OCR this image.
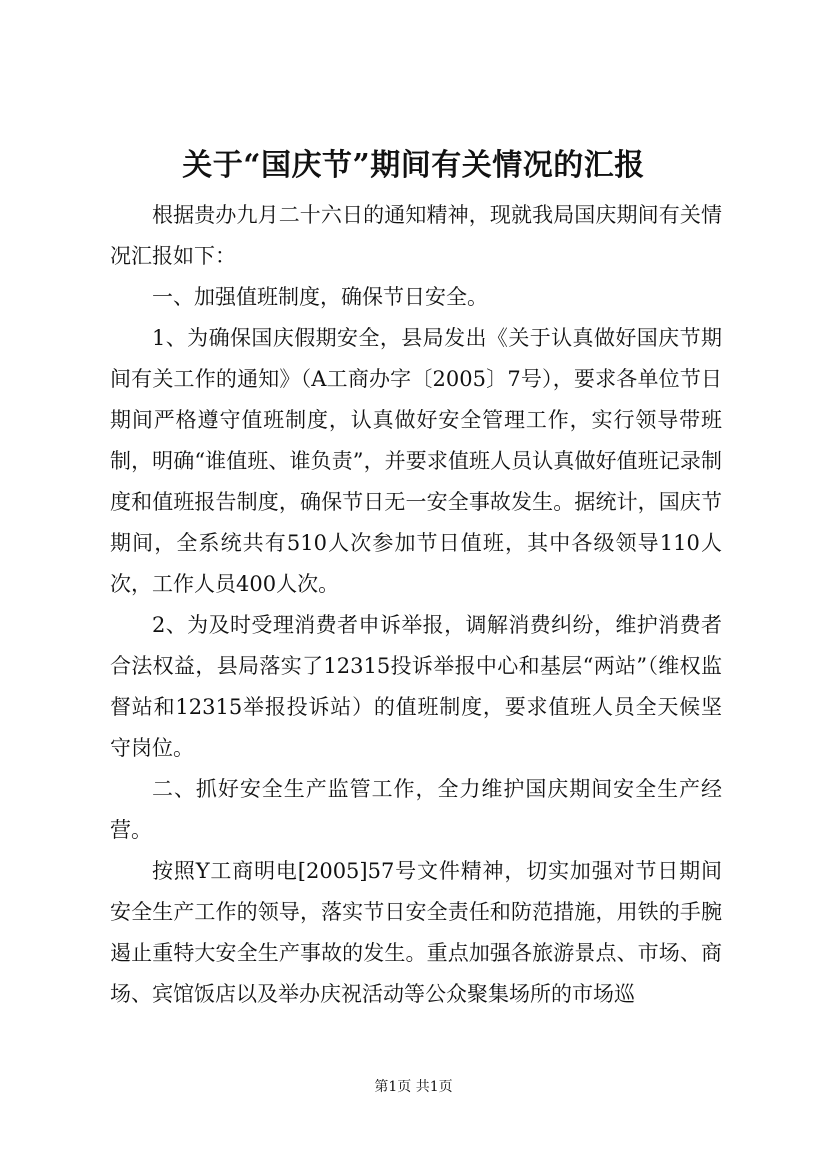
关于“国庆节”期间有关情况的汇报

根据贵办九月二十六日的通知精神，现就我局国庆期间有关情况汇报如下：

一、加强值班制度，确保节日安全。

1、为确保国庆假期安全，县局发出《关于认真做好国庆节期间有关工作的通知》（A工商办字〔2005〕7号），要求各单位节日期间严格遵守值班制度，认真做好安全管理工作，实行领导带班制，明确“谁值班、谁负责”，并要求值班人员认真做好值班记录制度和值班报告制度，确保节日无一安全事故发生。据统计，国庆节期间，全系统共有510人次参加节日值班，其中各级领导110人次，工作人员400人次。

2、为及时受理消费者申诉举报，调解消费纠纷，维护消费者合法权益，县局落实了12315投诉举报中心和基层“两站”（维权监督站和12315举报投诉站）的值班制度，要求值班人员全天候坚守岗位。

二、抓好安全生产监管工作，全力维护国庆期间安全生产经营。

按照Y工商明电[2005]57号文件精神，切实加强对节日期间安全生产工作的领导，落实节日安全责任和防范措施，用铁的手腕遏止重特大安全生产事故的发生。重点加强各旅游景点、市场、商场、宾馆饭店以及举办庆祝活动等公众聚集场所的市场巡

第1页 共1页
